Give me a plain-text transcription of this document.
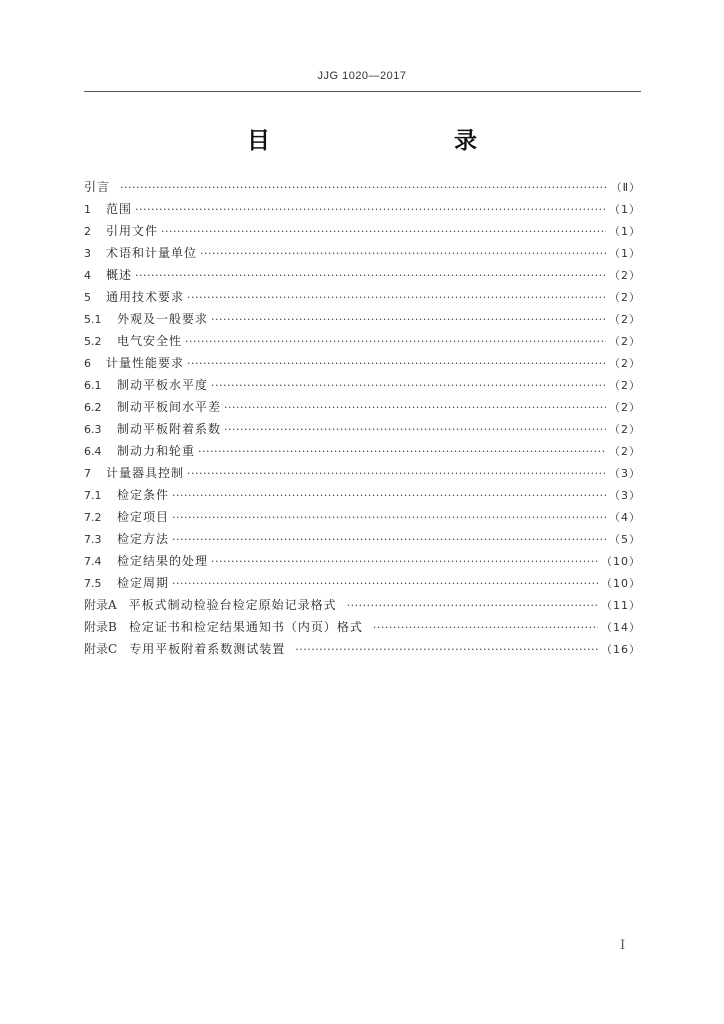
JJG 1020—2017
目　　录
引言 ·····	（Ⅱ）
1	范围 ·····	（1）
2	引用文件 ·····	（1）
3	术语和计量单位 ·····	（1）
4	概述 ·····	（2）
5	通用技术要求 ·····	（2）
5.1	外观及一般要求 ·····	（2）
5.2	电气安全性 ·····	（2）
6	计量性能要求 ·····	（2）
6.1	制动平板水平度 ·····	（2）
6.2	制动平板间水平差 ·····	（2）
6.3	制动平板附着系数 ·····	（2）
6.4	制动力和轮重 ·····	（2）
7	计量器具控制 ·····	（3）
7.1	检定条件 ·····	（3）
7.2	检定项目 ·····	（4）
7.3	检定方法 ·····	（5）
7.4	检定结果的处理 ·····	（10）
7.5	检定周期 ·····	（10）
附录A	平板式制动检验台检定原始记录格式 ·····	（11）
附录B	检定证书和检定结果通知书（内页）格式 ·····	（14）
附录C	专用平板附着系数测试装置 ·····	（16）
I
